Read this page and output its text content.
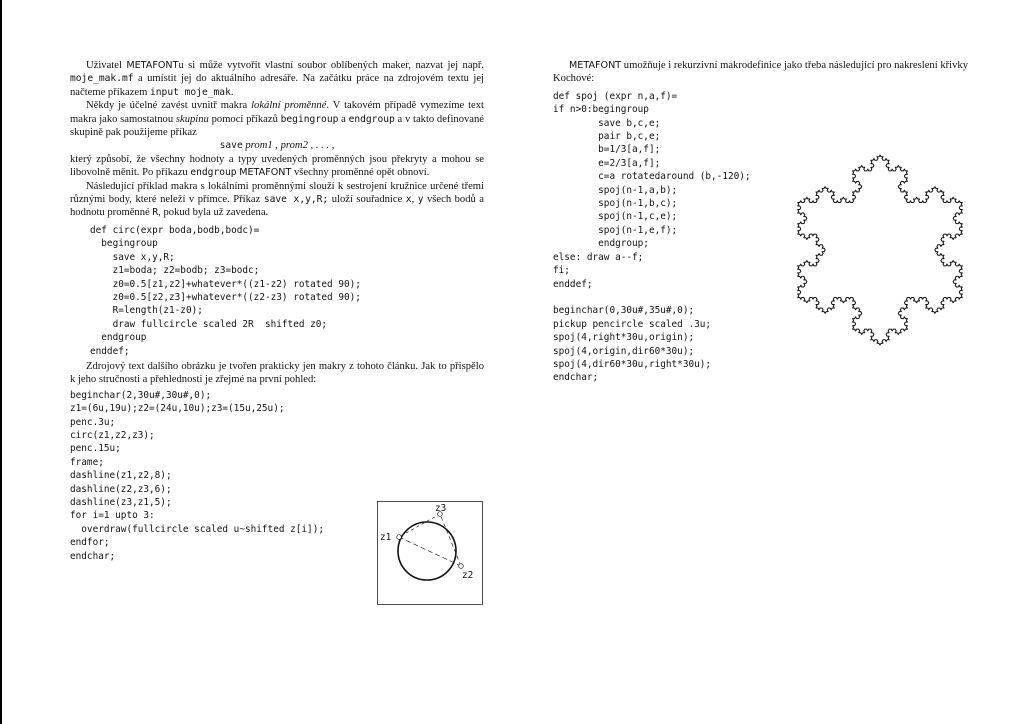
Uživatel METAFONTu si může vytvořit vlastní soubor oblíbených maker, nazvat jej např. moje_mak.mf a umístit jej do aktuálního adresáře. Na začátku práce na zdrojovém textu jej načteme příkazem input moje_mak.

Někdy je účelné zavést uvnitř makra lokální proměnné. V takovém případě vymezíme text makra jako samostatnou skupinu pomocí příkazů begingroup a endgroup a v takto definované skupině pak použijeme příkaz

save prom1 , prom2 , . . . ,

který způsobí, že všechny hodnoty a typy uvedených proměnných jsou překryty a mohou se libovolně měnit. Po příkazu endgroup METAFONT všechny proměnné opět obnoví.

Následující příklad makra s lokálními proměnnými slouží k sestrojení kružnice určené třemi různými body, které neleží v přímce. Příkaz save x,y,R; uloží souřadnice x, y všech bodů a hodnotu proměnné R, pokud byla už zavedena.

def circ(expr boda,bodb,bodc)=
begingroup
save x,y,R;
z1=boda; z2=bodb; z3=bodc;
z0=0.5[z1,z2]+whatever*((z1-z2) rotated 90);
z0=0.5[z2,z3]+whatever*((z2-z3) rotated 90);
R=length(z1-z0);
draw fullcircle scaled 2R  shifted z0;
endgroup
enddef;

Zdrojový text dalšího obrázku je tvořen prakticky jen makry z tohoto článku. Jak to přispělo k jeho stručnosti a přehlednosti je zřejmé na první pohled:

beginchar(2,30u#,30u#,0);
z1=(6u,19u);z2=(24u,10u);z3=(15u,25u);
penc.3u;
circ(z1,z2,z3);
penc.15u;
frame;
dashline(z1,z2,8);
dashline(z2,z3,6);
dashline(z3,z1,5);
for i=1 upto 3:
overdraw(fullcircle scaled u~shifted z[i]);
endfor;
endchar;
z1
z2
z3

METAFONT umožňuje i rekurzivní makrodefinice jako třeba následující pro nakreslení křivky Kochové:

def spoj (expr n,a,f)=
if n>0:begingroup
save b,c,e;
pair b,c,e;
b=1/3[a,f];
e=2/3[a,f];
c=a rotatedaround (b,-120);
spoj(n-1,a,b);
spoj(n-1,b,c);
spoj(n-1,c,e);
spoj(n-1,e,f);
endgroup;
else: draw a--f;
fi;
enddef;

beginchar(0,30u#,35u#,0);
pickup pencircle scaled .3u;
spoj(4,right*30u,origin);
spoj(4,origin,dir60*30u);
spoj(4,dir60*30u,right*30u);
endchar;
